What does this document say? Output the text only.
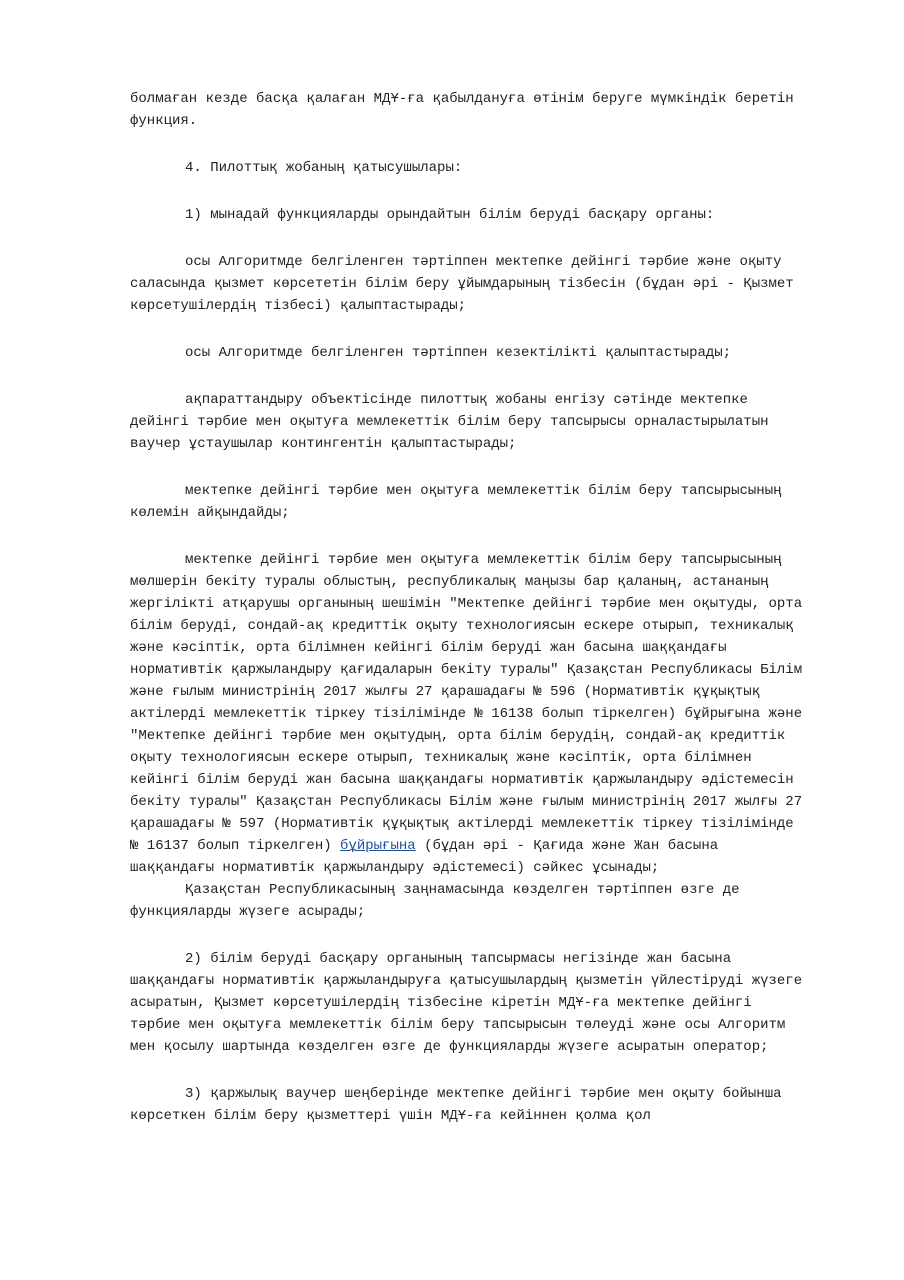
болмаған кезде басқа қалаған МДҰ-ға қабылдануға өтінім беруге мүмкіндік беретін функция.

4. Пилоттық жобаның қатысушылары:

1) мынадай функцияларды орындайтын білім беруді басқару органы:

осы Алгоритмде белгіленген тәртіппен мектепке дейінгі тәрбие және оқыту саласында қызмет көрсететін білім беру ұйымдарының тізбесін (бұдан әрі - Қызмет көрсетушілердің тізбесі) қалыптастырады;

осы Алгоритмде белгіленген тәртіппен кезектілікті қалыптастырады;

ақпараттандыру объектісінде пилоттық жобаны енгізу сәтінде мектепке дейінгі тәрбие мен оқытуға мемлекеттік білім беру тапсырысы орналастырылатын ваучер ұстаушылар контингентін қалыптастырады;

мектепке дейінгі тәрбие мен оқытуға мемлекеттік білім беру тапсырысының көлемін айқындайды;

мектепке дейінгі тәрбие мен оқытуға мемлекеттік білім беру тапсырысының мөлшерін бекіту туралы облыстың, республикалық маңызы бар қаланың, астананың жергілікті атқарушы органының шешімін "Мектепке дейінгі тәрбие мен оқытуды, орта білім беруді, сондай-ақ кредиттік оқыту технологиясын ескере отырып, техникалық және кәсіптік, орта білімнен кейінгі білім беруді жан басына шаққандағы нормативтік қаржыландыру қағидаларын бекіту туралы" Қазақстан Республикасы Білім және ғылым министрінің 2017 жылғы 27 қарашадағы № 596 (Нормативтік құқықтық актілерді мемлекеттік тіркеу тізілімінде № 16138 болып тіркелген) бұйрығына және "Мектепке дейінгі тәрбие мен оқытудың, орта білім берудің, сондай-ақ кредиттік оқыту технологиясын ескере отырып, техникалық және кәсіптік, орта білімнен кейінгі білім беруді жан басына шаққандағы нормативтік қаржыландыру әдістемесін бекіту туралы" Қазақстан Республикасы Білім және ғылым министрінің 2017 жылғы 27 қарашадағы № 597 (Нормативтік құқықтық актілерді мемлекеттік тіркеу тізілімінде № 16137 болып тіркелген) бұйрығына (бұдан әрі - Қағида және Жан басына шаққандағы нормативтік қаржыландыру әдістемесі) сәйкес ұсынады;

Қазақстан Республикасының заңнамасында көзделген тәртіппен өзге де функцияларды жүзеге асырады;

2) білім беруді басқару органының тапсырмасы негізінде жан басына шаққандағы нормативтік қаржыландыруға қатысушылардың қызметін үйлестіруді жүзеге асыратын, Қызмет көрсетушілердің тізбесіне кіретін МДҰ-ға мектепке дейінгі тәрбие мен оқытуға мемлекеттік білім беру тапсырысын төлеуді және осы Алгоритм мен қосылу шартында көзделген өзге де функцияларды жүзеге асыратын оператор;

3) қаржылық ваучер шеңберінде мектепке дейінгі тәрбие мен оқыту бойынша көрсеткен білім беру қызметтері үшін МДҰ-ға кейіннен қолма қол
